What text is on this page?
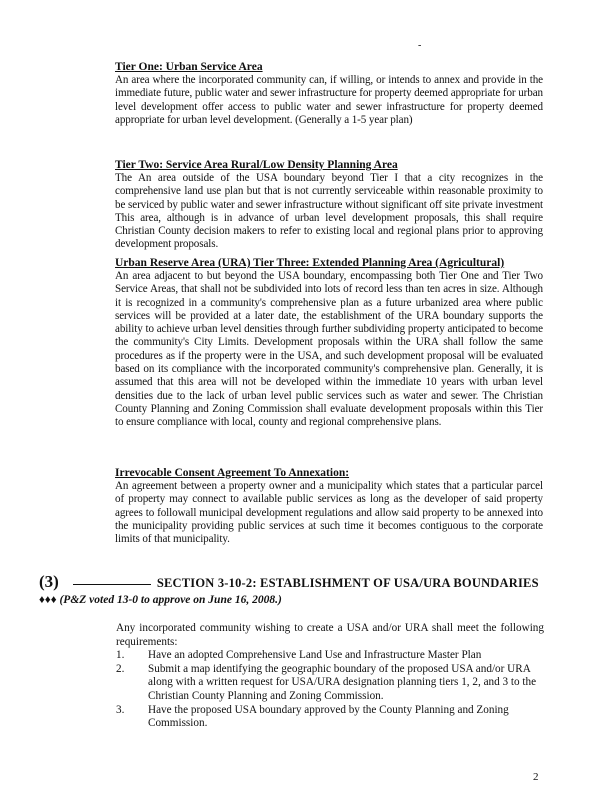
-

Tier One: Urban Service Area

An area where the incorporated community can, if willing, or intends to annex and provide in the immediate future, public water and sewer infrastructure for property deemed appropriate for urban level development offer access to public water and sewer infrastructure for property deemed appropriate for urban level development. (Generally a 1-5 year plan)

Tier Two: Service Area Rural/Low Density Planning Area

The An area outside of the USA boundary beyond Tier I that a city recognizes in the comprehensive land use plan but that is not currently serviceable within reasonable proximity to be serviced by public water and sewer infrastructure without significant off site private investment This area, although is in advance of urban level development proposals, this shall require Christian County decision makers to refer to existing local and regional plans prior to approving development proposals.

Urban Reserve Area (URA) Tier Three: Extended Planning Area (Agricultural)

An area adjacent to but beyond the USA boundary, encompassing both Tier One and Tier Two Service Areas, that shall not be subdivided into lots of record less than ten acres in size. Although it is recognized in a community's comprehensive plan as a future urbanized area where public services will be provided at a later date, the establishment of the URA boundary supports the ability to achieve urban level densities through further subdividing property anticipated to become the community's City Limits. Development proposals within the URA shall follow the same procedures as if the property were in the USA, and such development proposal will be evaluated based on its compliance with the incorporated community's comprehensive plan. Generally, it is assumed that this area will not be developed within the immediate 10 years with urban level densities due to the lack of urban level public services such as water and sewer. The Christian County Planning and Zoning Commission shall evaluate development proposals within this Tier to ensure compliance with local, county and regional comprehensive plans.

Irrevocable Consent Agreement To Annexation:

An agreement between a property owner and a municipality which states that a particular parcel of property may connect to available public services as long as the developer of said property agrees to followall municipal development regulations and allow said property to be annexed into the municipality providing public services at such time it becomes contiguous to the corporate limits of that municipality.

(3)	SECTION 3-10-2: ESTABLISHMENT OF USA/URA BOUNDARIES
♦♦♦ (P&Z voted 13-0 to approve on June 16, 2008.)
Any incorporated community wishing to create a USA and/or URA shall meet the following requirements:
1.	Have an adopted Comprehensive Land Use and Infrastructure Master Plan
2.	Submit a map identifying the geographic boundary of the proposed USA and/or URA along with a written request for USA/URA designation planning tiers 1, 2, and 3 to the Christian County Planning and Zoning Commission.
3.	Have the proposed USA boundary approved by the County Planning and Zoning Commission.
2
